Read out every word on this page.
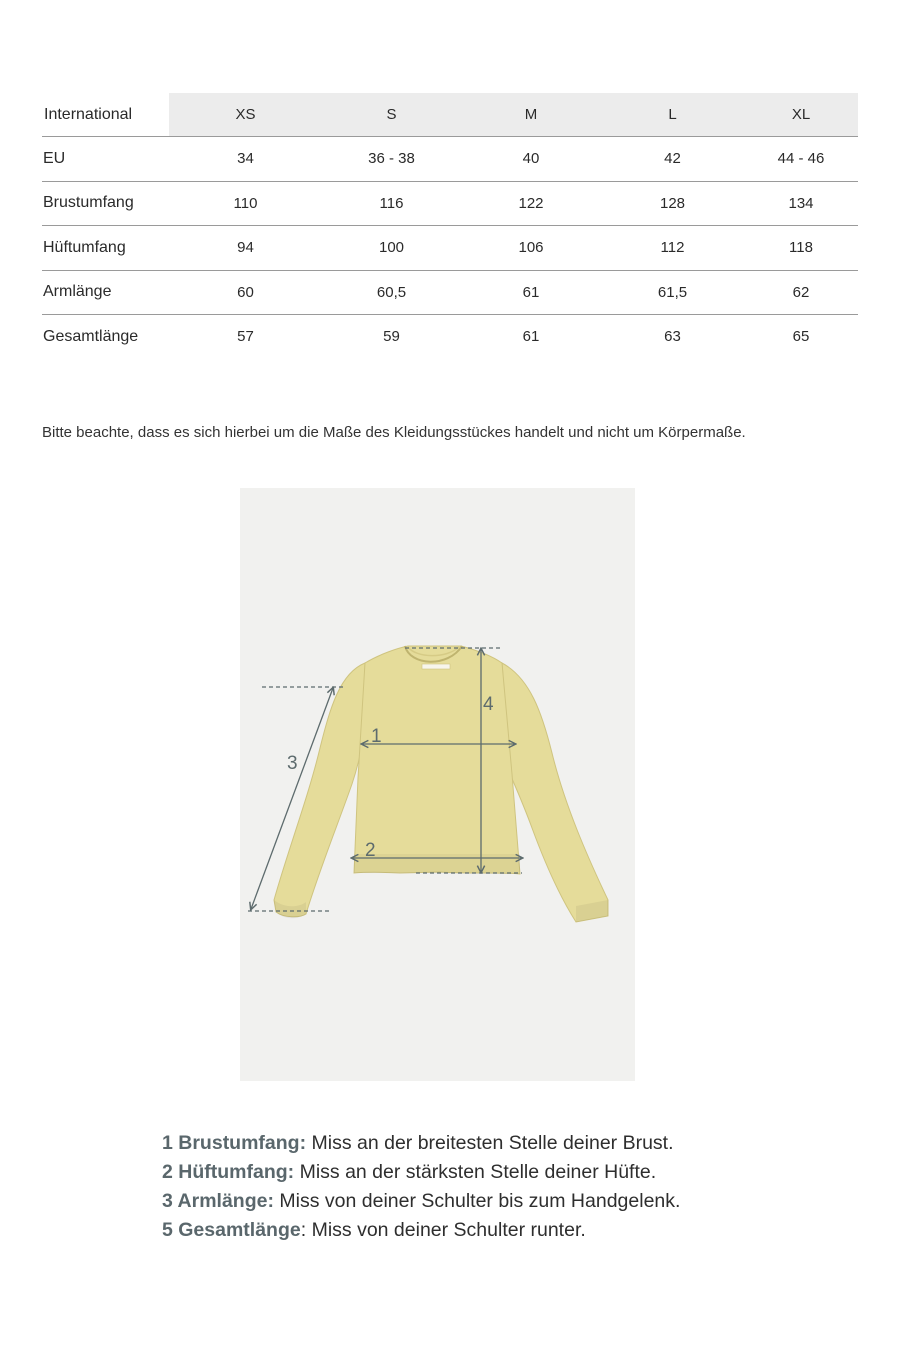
International	XS	S	M	L	XL
EU	34	36 - 38	40	42	44 - 46
Brustumfang	110	116	122	128	134
Hüftumfang	94	100	106	112	118
Armlänge	60	60,5	61	61,5	62
Gesamtlänge	57	59	61	63	65
Bitte beachte, dass es sich hierbei um die Maße des Kleidungsstückes handelt und nicht um Körpermaße.
1
2
3
4
1 Brustumfang: Miss an der breitesten Stelle deiner Brust.
2 Hüftumfang: Miss an der stärksten Stelle deiner Hüfte.
3 Armlänge: Miss von deiner Schulter bis zum Handgelenk.
5 Gesamtlänge: Miss von deiner Schulter runter.
